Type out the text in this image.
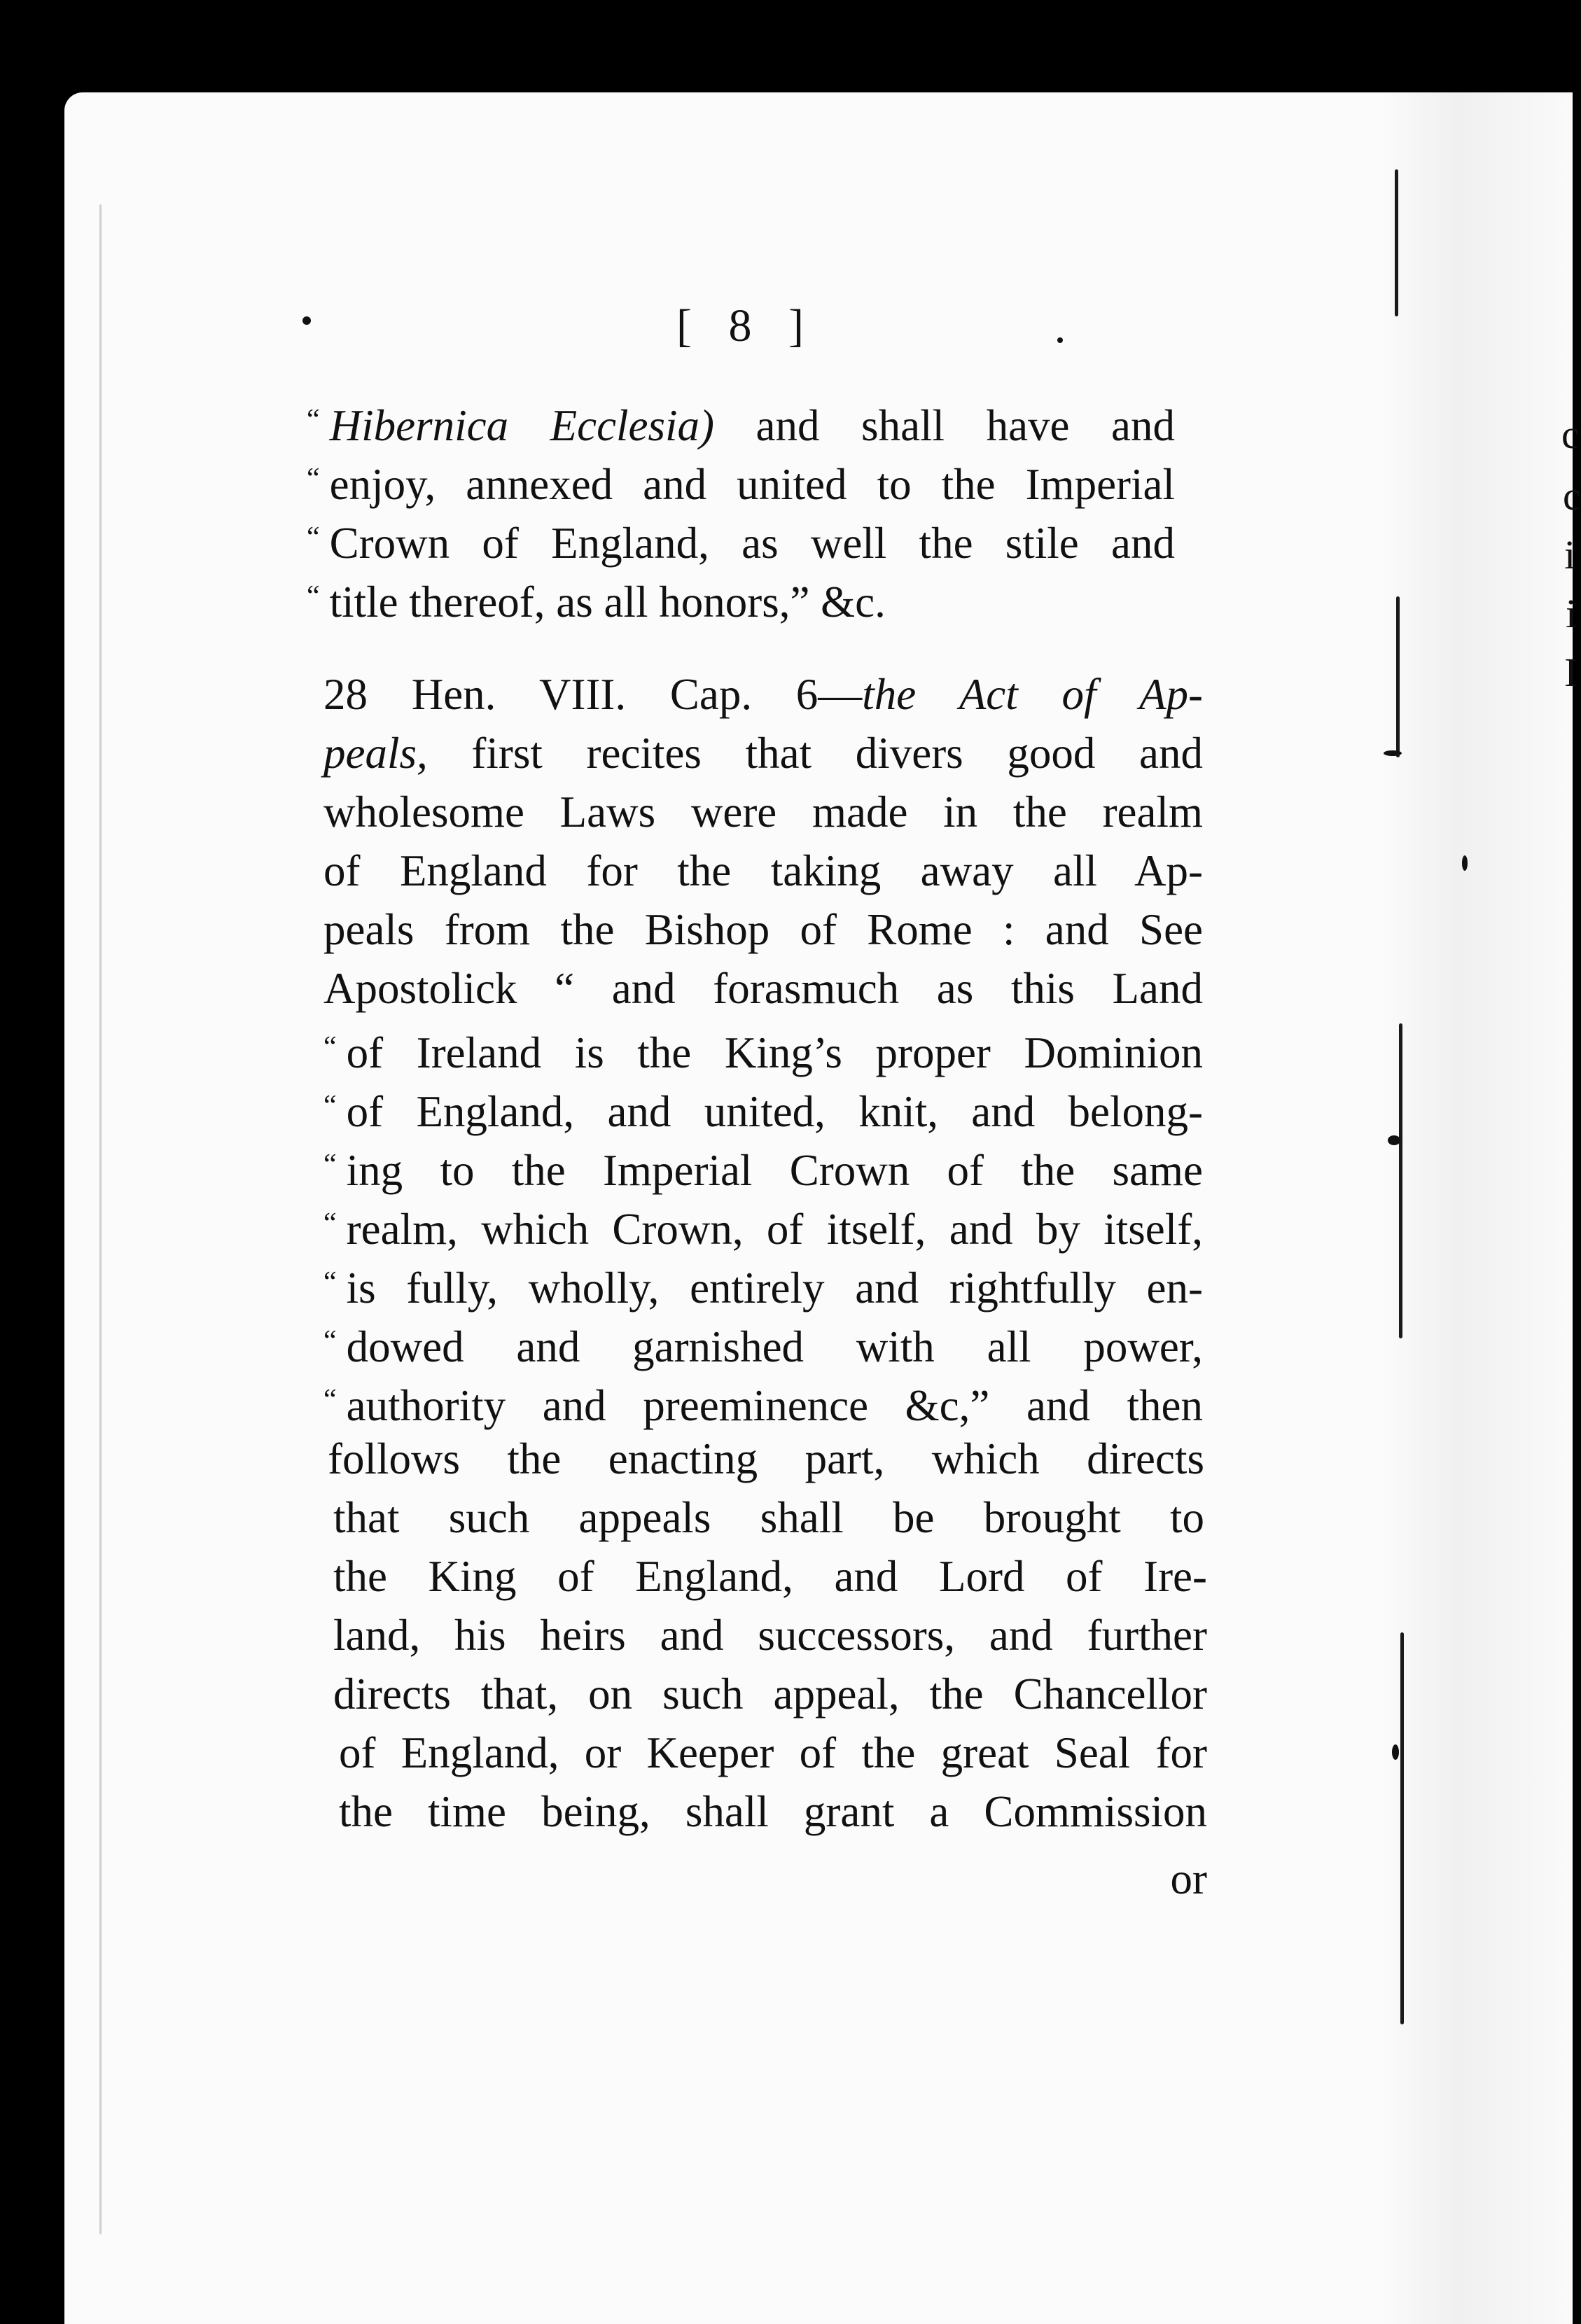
c
c
i
i
I
[ 8 ]
“ Hibernica Ecclesia) and shall have and
“ enjoy, annexed and united to the Imperial
“ Crown of England, as well the stile and
“ title thereof, as all honors,” &c.
28 Hen. VIII. Cap. 6—the Act of Ap-
peals, first recites that divers good and
wholesome Laws were made in the realm
of England for the taking away all Ap-
peals from the Bishop of Rome : and See
Apostolick “ and forasmuch as this Land
“ of Ireland is the King’s proper Dominion
“ of England, and united, knit, and belong-
“ ing to the Imperial Crown of the same
“ realm, which Crown, of itself, and by itself,
“ is fully, wholly, entirely and rightfully en-
“ dowed and garnished with all power,
“ authority and preeminence &c,” and then
follows the enacting part, which directs
that such appeals shall be brought to
the King of England, and Lord of Ire-
land, his heirs and successors, and further
directs that, on such appeal, the Chancellor
of England, or Keeper of the great Seal for
the time being, shall grant a Commission
or
